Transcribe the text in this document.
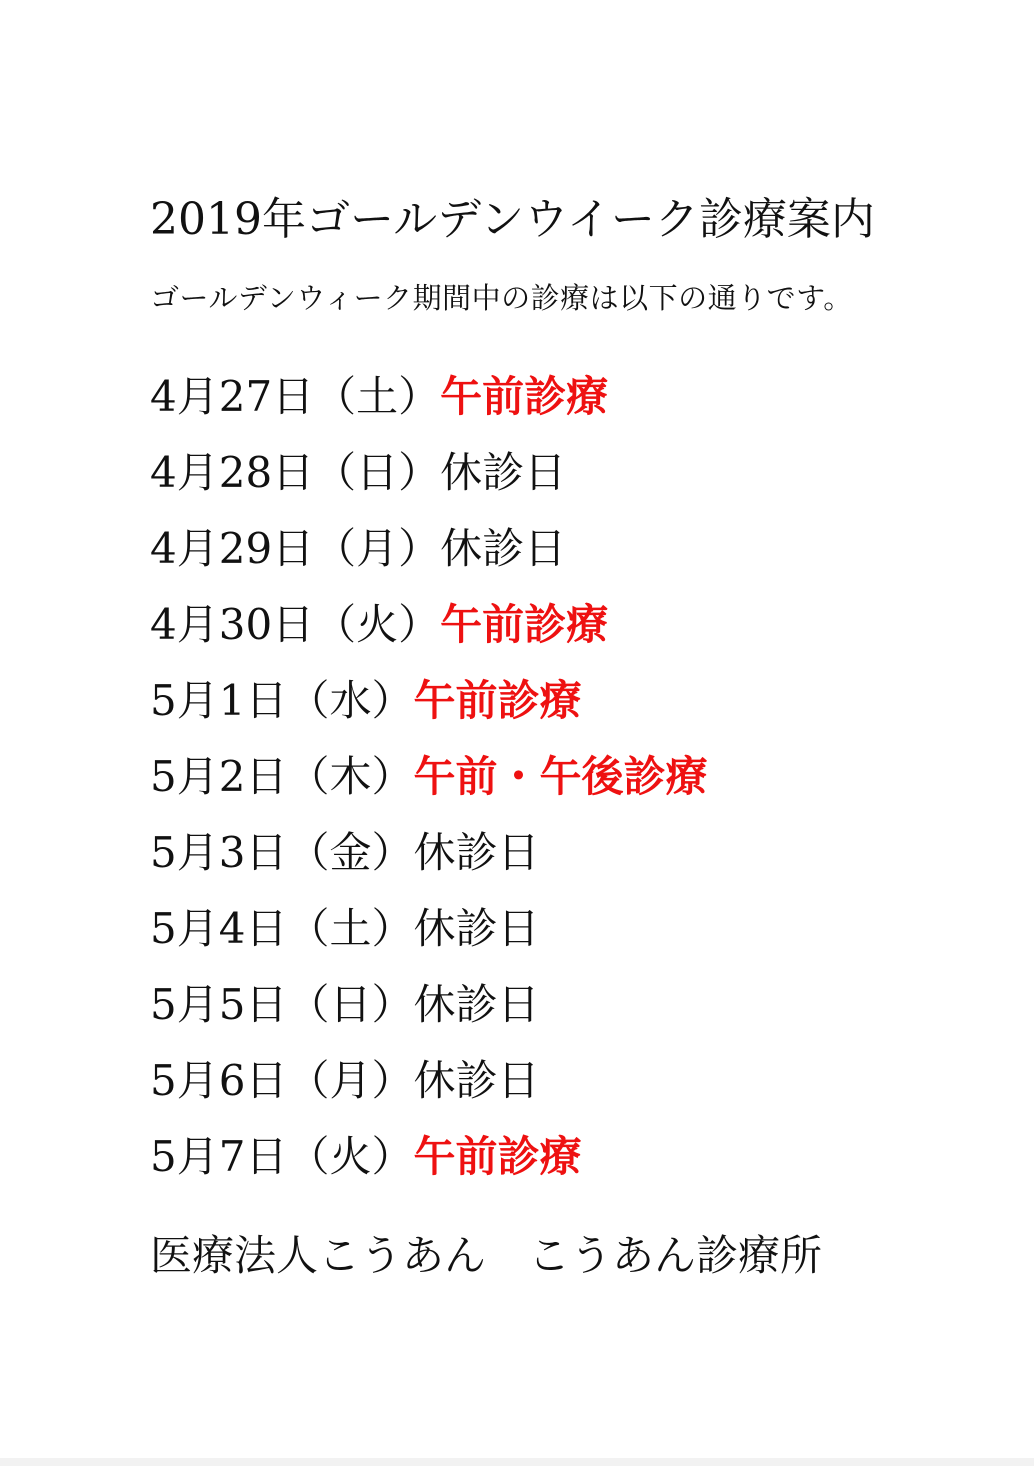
2019年ゴールデンウイーク診療案内
ゴールデンウィーク期間中の診療は以下の通りです。
4月27日（土）午前診療
4月28日（日）休診日
4月29日（月）休診日
4月30日（火）午前診療
5月1日（水）午前診療
5月2日（木）午前・午後診療
5月3日（金）休診日
5月4日（土）休診日
5月5日（日）休診日
5月6日（月）休診日
5月7日（火）午前診療
医療法人こうあん　こうあん診療所
